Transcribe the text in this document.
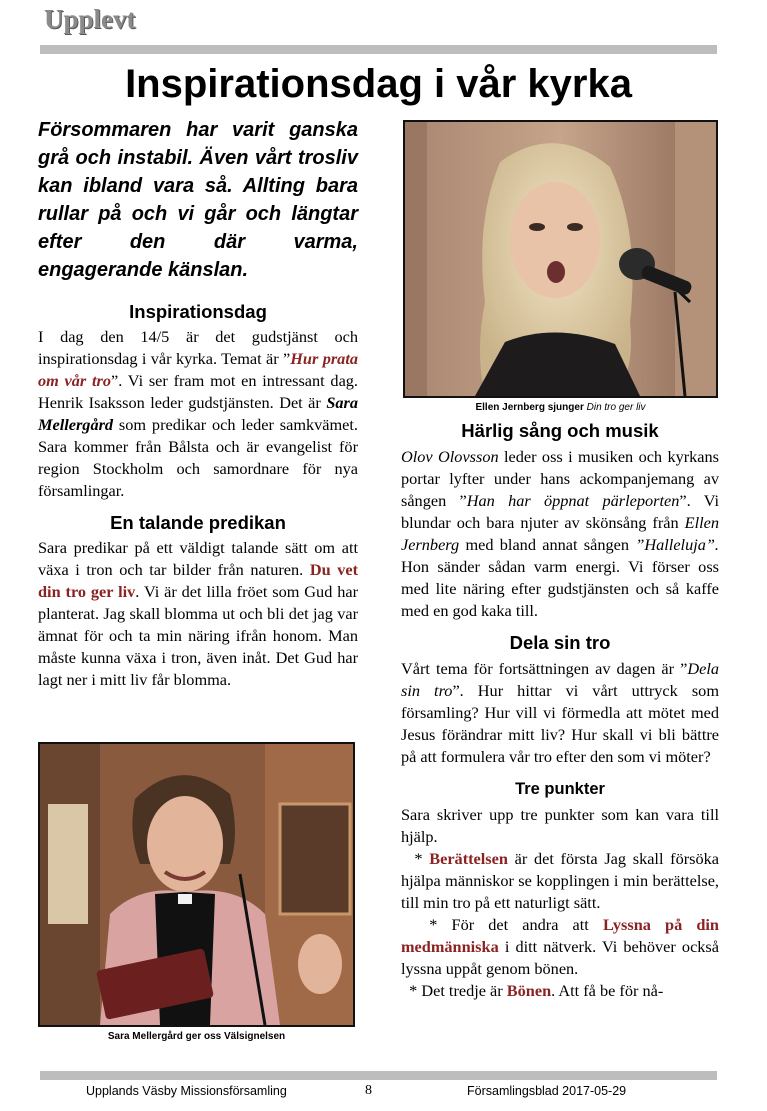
Upplevt
Inspirationsdag i vår kyrka

Försommaren har varit ganska grå och instabil. Även vårt trosliv kan ibland vara så. Allting bara rullar på och vi går och längtar efter den där varma, engagerande känslan.

Inspirationsdag

I dag den 14/5 är det gudstjänst och inspirationsdag i vår kyrka. Temat är ”Hur prata om vår tro”. Vi ser fram mot en intressant dag. Henrik Isaksson leder gudstjänsten. Det är Sara Mellergård som predikar och leder samkvämet. Sara kommer från Bålsta och är evangelist för region Stockholm och samordnare för nya församlingar.

En talande predikan

Sara predikar på ett väldigt talande sätt om att växa i tron och tar bilder från naturen. Du vet din tro ger liv. Vi är det lilla fröet som Gud har planterat. Jag skall blomma ut och bli det jag var ämnat för och ta min näring ifrån honom. Man måste kunna växa i tron, även inåt. Det Gud har lagt ner i mitt liv får blomma.

Ellen Jernberg sjunger Din tro ger liv
Härlig sång och musik

Olov Olovsson leder oss i musiken och kyrkans portar lyfter under hans ackompanjemang av sången ”Han har öppnat pärleporten”. Vi blundar och bara njuter av skönsång från Ellen Jernberg med bland annat sången ”Halleluja”. Hon sänder sådan varm energi. Vi förser oss med lite näring efter gudstjänsten och så kaffe med en god kaka till.

Dela sin tro

Vårt tema för fortsättningen av dagen är ”Dela sin tro”. Hur hittar vi vårt uttryck som församling? Hur vill vi förmedla att mötet med Jesus förändrar mitt liv? Hur skall vi bli bättre på att formulera vår tro efter den som vi möter?

Tre punkter

Sara skriver upp tre punkter som kan vara till hjälp.

* Berättelsen är det första Jag skall försöka hjälpa människor se kopplingen i min berättelse, till min tro på ett naturligt sätt.

* För det andra att Lyssna på din medmänniska i ditt nätverk. Vi behöver också lyssna uppåt genom bönen.

* Det tredje är Bönen. Att få be för nå-

Sara Mellergård ger oss Välsignelsen
Upplands Väsby Missionsförsamling	8	Församlingsblad 2017-05-29
